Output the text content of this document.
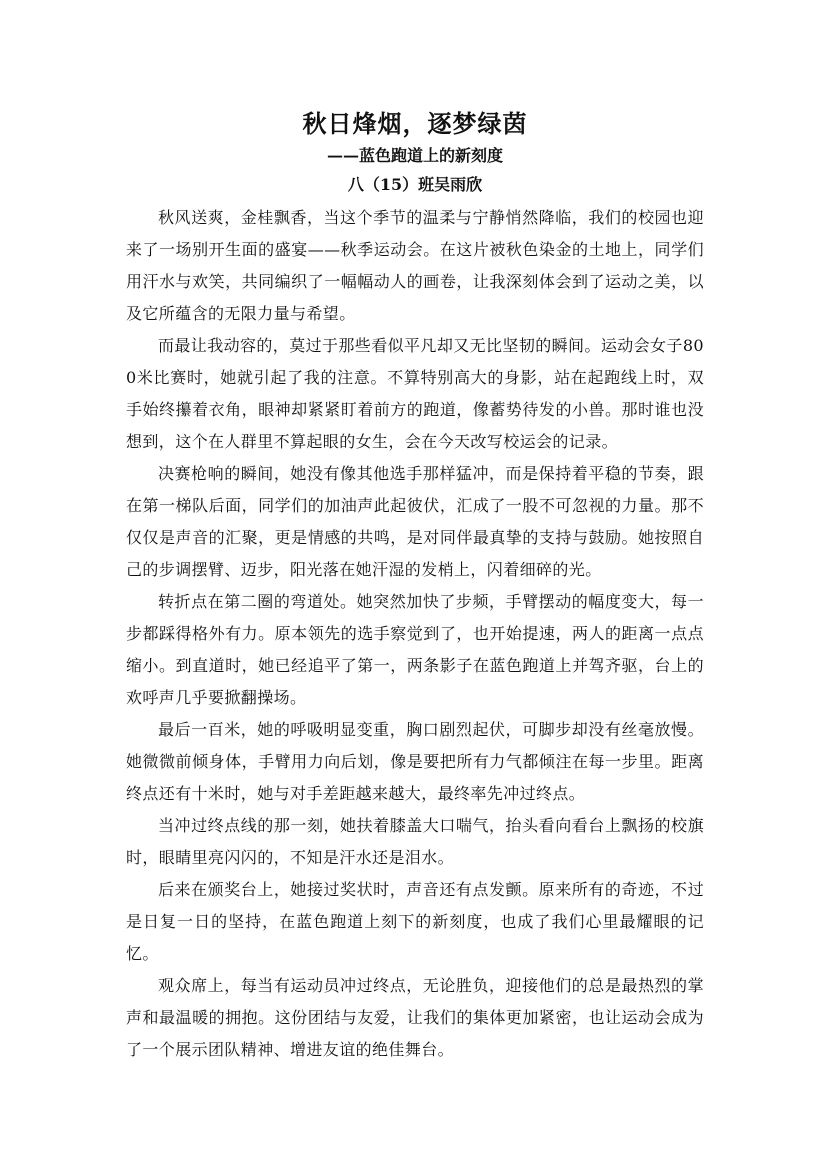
秋日烽烟，逐梦绿茵
——蓝色跑道上的新刻度
八（15）班吴雨欣

秋风送爽，金桂飘香，当这个季节的温柔与宁静悄然降临，我们的校园也迎来了一场别开生面的盛宴——秋季运动会。在这片被秋色染金的土地上，同学们用汗水与欢笑，共同编织了一幅幅动人的画卷，让我深刻体会到了运动之美，以及它所蕴含的无限力量与希望。

而最让我动容的，莫过于那些看似平凡却又无比坚韧的瞬间。运动会女子800米比赛时，她就引起了我的注意。不算特别高大的身影，站在起跑线上时，双手始终攥着衣角，眼神却紧紧盯着前方的跑道，像蓄势待发的小兽。那时谁也没想到，这个在人群里不算起眼的女生，会在今天改写校运会的记录。

决赛枪响的瞬间，她没有像其他选手那样猛冲，而是保持着平稳的节奏，跟在第一梯队后面，同学们的加油声此起彼伏，汇成了一股不可忽视的力量。那不仅仅是声音的汇聚，更是情感的共鸣，是对同伴最真挚的支持与鼓励。她按照自己的步调摆臂、迈步，阳光落在她汗湿的发梢上，闪着细碎的光。

转折点在第二圈的弯道处。她突然加快了步频，手臂摆动的幅度变大，每一步都踩得格外有力。原本领先的选手察觉到了，也开始提速，两人的距离一点点缩小。到直道时，她已经追平了第一，两条影子在蓝色跑道上并驾齐驱，台上的欢呼声几乎要掀翻操场。

最后一百米，她的呼吸明显变重，胸口剧烈起伏，可脚步却没有丝毫放慢。她微微前倾身体，手臂用力向后划，像是要把所有力气都倾注在每一步里。距离终点还有十米时，她与对手差距越来越大，最终率先冲过终点。

当冲过终点线的那一刻，她扶着膝盖大口喘气，抬头看向看台上飘扬的校旗时，眼睛里亮闪闪的，不知是汗水还是泪水。

后来在颁奖台上，她接过奖状时，声音还有点发颤。原来所有的奇迹，不过是日复一日的坚持，在蓝色跑道上刻下的新刻度，也成了我们心里最耀眼的记忆。

观众席上，每当有运动员冲过终点，无论胜负，迎接他们的总是最热烈的掌声和最温暖的拥抱。这份团结与友爱，让我们的集体更加紧密，也让运动会成为了一个展示团队精神、增进友谊的绝佳舞台。
